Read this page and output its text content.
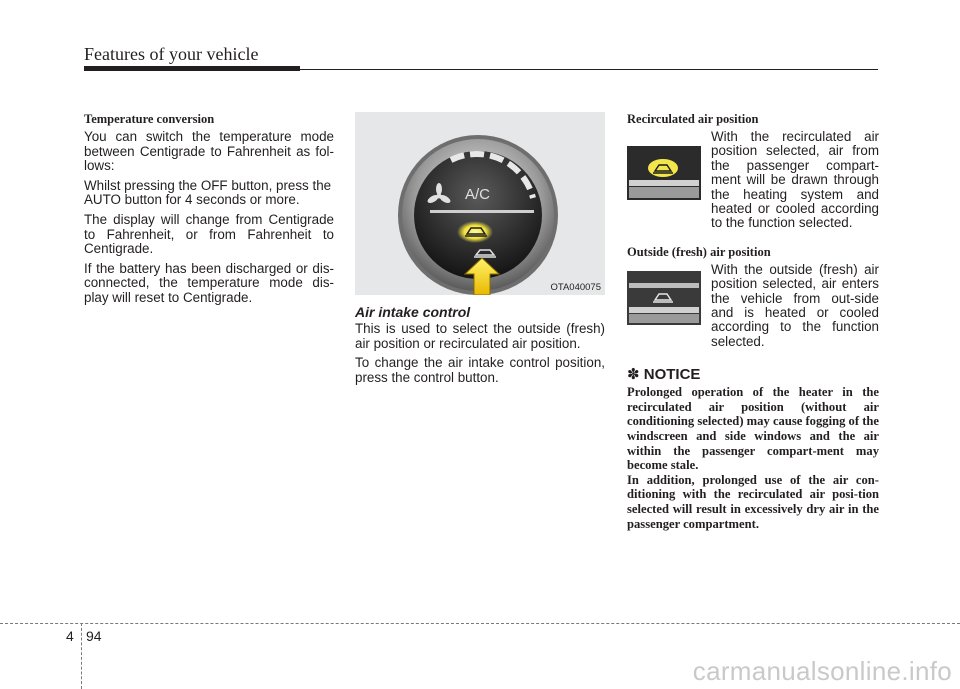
Features of your vehicle
Temperature conversion

You can switch the temperature mode between Centigrade to Fahrenheit as fol-lows:

Whilst pressing the OFF button, press the

AUTO button for 4 seconds or more.

The display will change from Centigrade to Fahrenheit, or from Fahrenheit to Centigrade.

If the battery has been discharged or dis-connected, the temperature mode dis-play will reset to Centigrade.

A/C
OTA040075
Air intake control

This is used to select the outside (fresh) air position or recirculated air position.

To change the air intake control position, press the control button.

Recirculated air position
With the recirculated air position selected, air from the passenger compart-ment will be drawn through the heating system and heated or cooled according to the function selected.
Outside (fresh) air position
With the outside (fresh) air position selected, air enters the vehicle from out-side and is heated or cooled according to the function selected.
✽ NOTICE

Prolonged operation of the heater in the recirculated air position (without air conditioning selected) may cause fogging of the windscreen and side windows and the air within the passenger compart-ment may become stale.

In addition, prolonged use of the air con-ditioning with the recirculated air posi-tion selected will result in excessively dry air in the passenger compartment.

4 94
carmanualsonline.info
